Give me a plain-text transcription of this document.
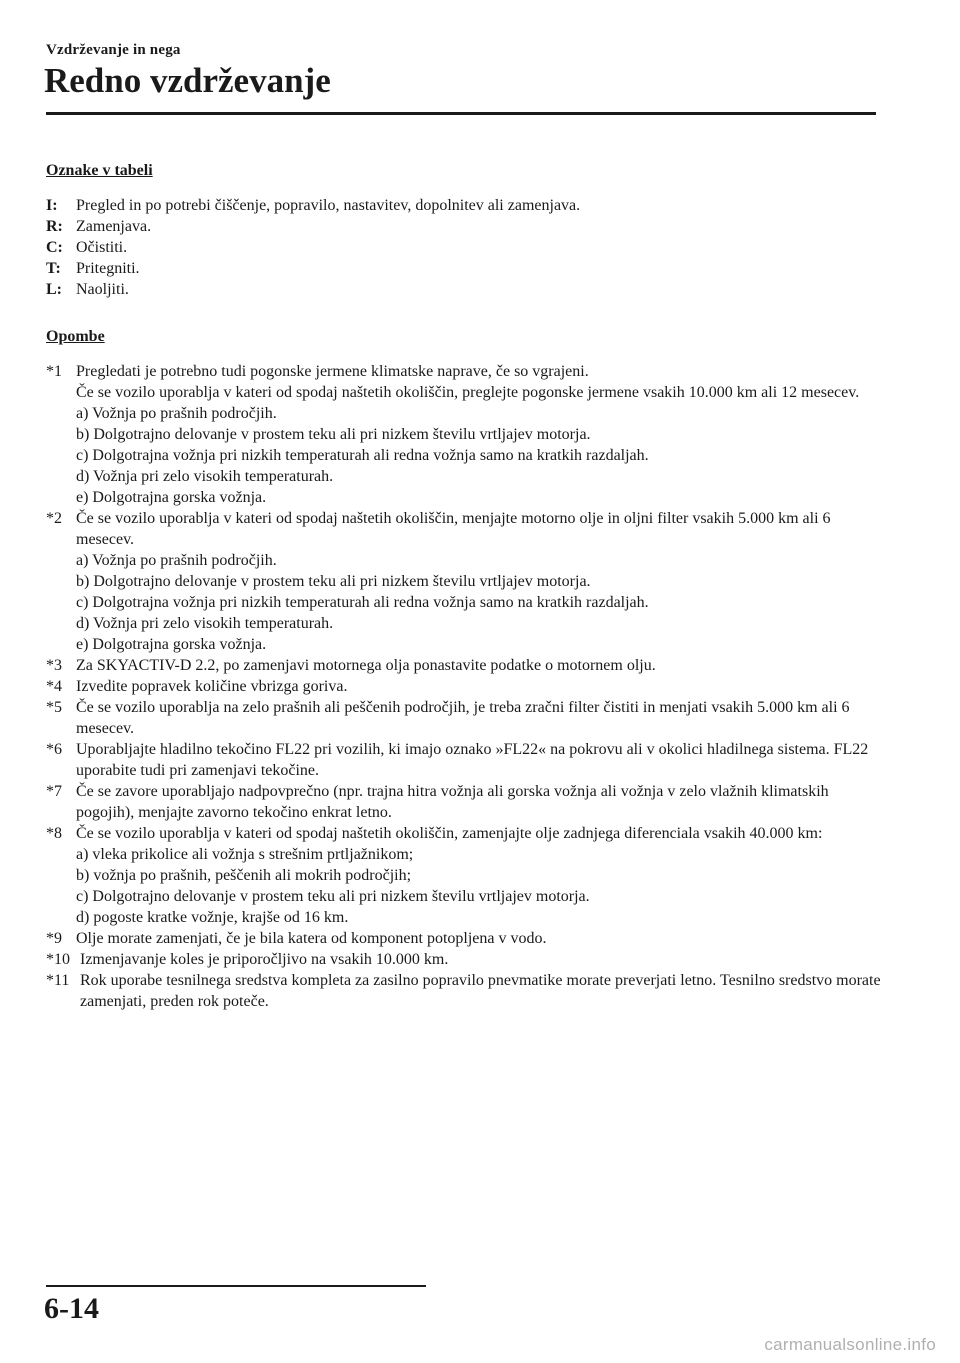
Vzdrževanje in nega
Redno vzdrževanje
Oznake v tabeli
I:	Pregled in po potrebi čiščenje, popravilo, nastavitev, dopolnitev ali zamenjava.
R: Zamenjava.
C: Očistiti.
T: Pritegniti.
L: Naoljiti.
Opombe
*1 Pregledati je potrebno tudi pogonske jermene klimatske naprave, če so vgrajeni.
Če se vozilo uporablja v kateri od spodaj naštetih okoliščin, preglejte pogonske jermene vsakih 10.000 km ali 12 mesecev.
a) Vožnja po prašnih področjih.
b) Dolgotrajno delovanje v prostem teku ali pri nizkem številu vrtljajev motorja.
c) Dolgotrajna vožnja pri nizkih temperaturah ali redna vožnja samo na kratkih razdaljah.
d) Vožnja pri zelo visokih temperaturah.
e) Dolgotrajna gorska vožnja.
*2 Če se vozilo uporablja v kateri od spodaj naštetih okoliščin, menjajte motorno olje in oljni filter vsakih 5.000 km ali 6 mesecev.
a) Vožnja po prašnih področjih.
b) Dolgotrajno delovanje v prostem teku ali pri nizkem številu vrtljajev motorja.
c) Dolgotrajna vožnja pri nizkih temperaturah ali redna vožnja samo na kratkih razdaljah.
d) Vožnja pri zelo visokih temperaturah.
e) Dolgotrajna gorska vožnja.
*3 Za SKYACTIV-D 2.2, po zamenjavi motornega olja ponastavite podatke o motornem olju.
*4 Izvedite popravek količine vbrizga goriva.
*5 Če se vozilo uporablja na zelo prašnih ali peščenih področjih, je treba zračni filter čistiti in menjati vsakih 5.000 km ali 6 mesecev.
*6 Uporabljajte hladilno tekočino FL22 pri vozilih, ki imajo oznako »FL22« na pokrovu ali v okolici hladilnega sistema. FL22 uporabite tudi pri zamenjavi tekočine.
*7 Če se zavore uporabljajo nadpovprečno (npr. trajna hitra vožnja ali gorska vožnja ali vožnja v zelo vlažnih klimatskih pogojih), menjajte zavorno tekočino enkrat letno.
*8 Če se vozilo uporablja v kateri od spodaj naštetih okoliščin, zamenjajte olje zadnjega diferenciala vsakih 40.000 km:
a) vleka prikolice ali vožnja s strešnim prtljažnikom;
b) vožnja po prašnih, peščenih ali mokrih področjih;
c) Dolgotrajno delovanje v prostem teku ali pri nizkem številu vrtljajev motorja.
d) pogoste kratke vožnje, krajše od 16 km.
*9 Olje morate zamenjati, če je bila katera od komponent potopljena v vodo.
*10 Izmenjavanje koles je priporočljivo na vsakih 10.000 km.
*11 Rok uporabe tesnilnega sredstva kompleta za zasilno popravilo pnevmatike morate preverjati letno. Tesnilno sredstvo morate zamenjati, preden rok poteče.
6-14
carmanualsonline.info
